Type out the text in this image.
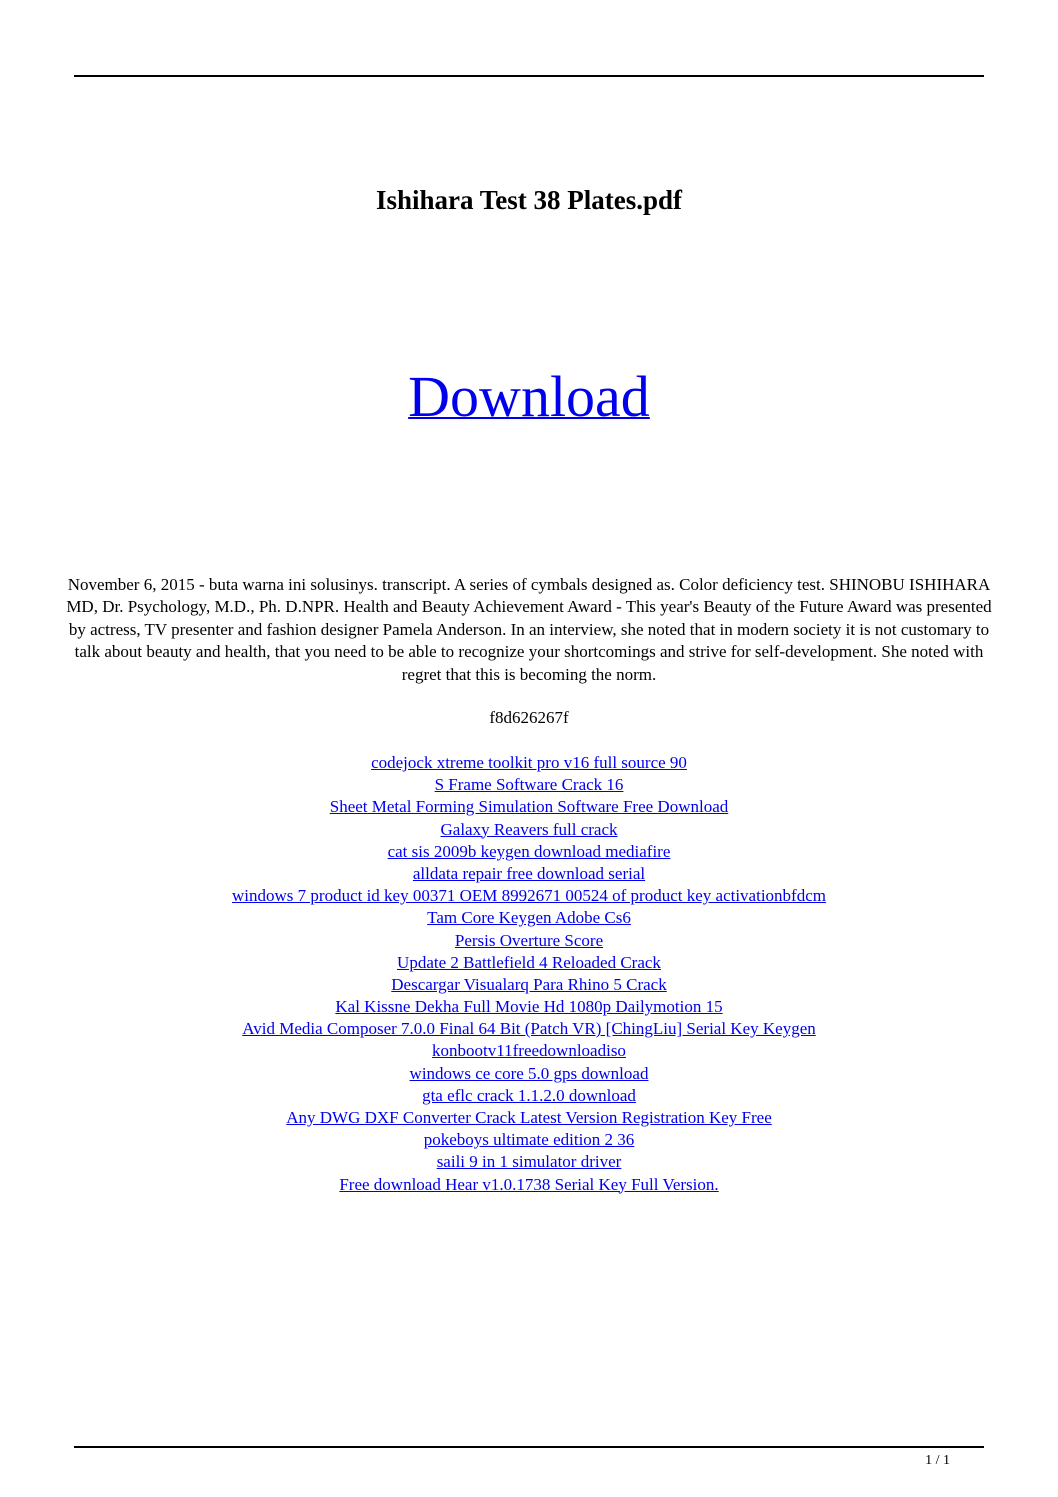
Ishihara Test 38 Plates.pdf
Download

November 6, 2015 - buta warna ini solusinys. transcript. A series of cymbals designed as. Color deficiency test. SHINOBU ISHIHARA MD, Dr. Psychology, M.D., Ph. D.NPR. Health and Beauty Achievement Award - This year's Beauty of the Future Award was presented by actress, TV presenter and fashion designer Pamela Anderson. In an interview, she noted that in modern society it is not customary to talk about beauty and health, that you need to be able to recognize your shortcomings and strive for self-development. She noted with regret that this is becoming the norm.

f8d626267f
codejock xtreme toolkit pro v16 full source 90
S Frame Software Crack 16
Sheet Metal Forming Simulation Software Free Download
Galaxy Reavers full crack
cat sis 2009b keygen download mediafire
alldata repair free download serial
windows 7 product id key 00371 OEM 8992671 00524 of product key activationbfdcm
Tam Core Keygen Adobe Cs6
Persis Overture Score
Update 2 Battlefield 4 Reloaded Crack
Descargar Visualarq Para Rhino 5 Crack
Kal Kissne Dekha Full Movie Hd 1080p Dailymotion 15
Avid Media Composer 7.0.0 Final 64 Bit (Patch VR) [ChingLiu] Serial Key Keygen
konbootv11freedownloadiso
windows ce core 5.0 gps download
gta eflc crack 1.1.2.0 download
Any DWG DXF Converter Crack Latest Version Registration Key Free
pokeboys ultimate edition 2 36
saili 9 in 1 simulator driver
Free download Hear v1.0.1738 Serial Key Full Version.
1 / 1
